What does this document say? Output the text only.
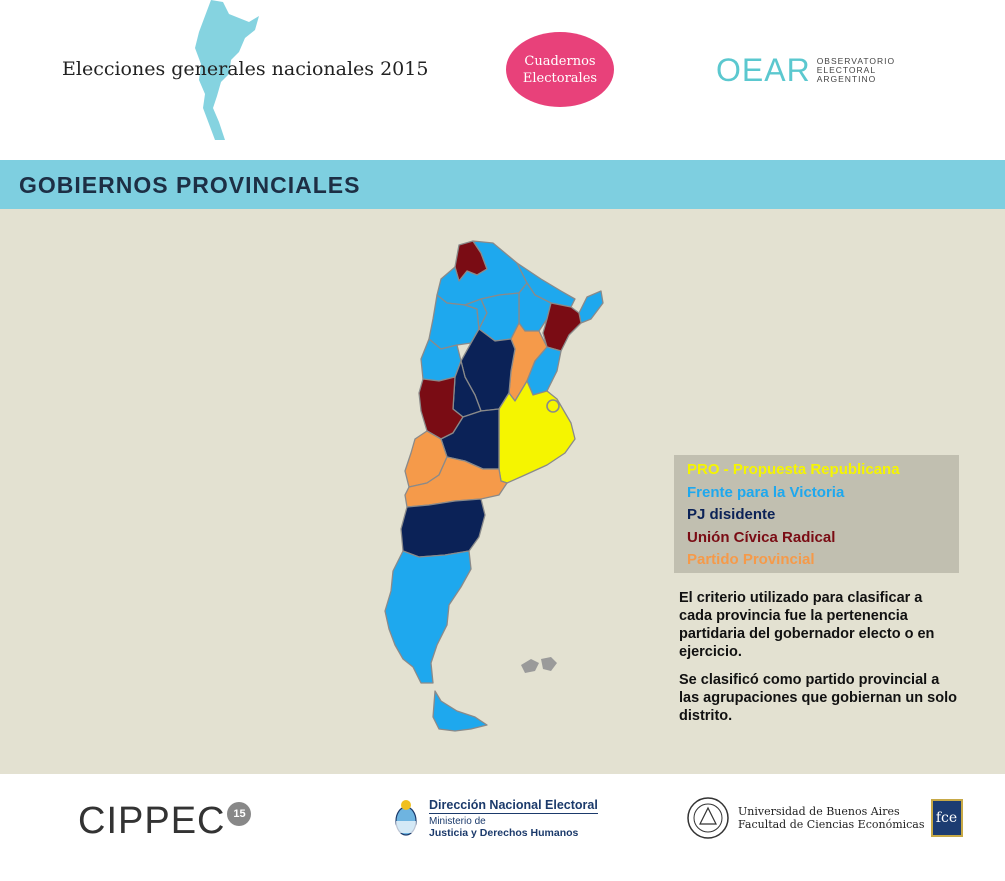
Elecciones generales nacionales 2015	Cuadernos
Electorales	OEAR OBSERVATORIO
ELECTORAL
ARGENTINO
GOBIERNOS PROVINCIALES
PRO - Propuesta Republicana
Frente para la Victoria
PJ disidente
Unión Cívica Radical
Partido Provincial

El criterio utilizado para clasificar a cada provincia fue la pertenencia partidaria del gobernador electo o en ejercicio.

Se clasificó como partido provincial a las agrupaciones que gobiernan un solo distrito.

CIPPEC 15
Dirección Nacional Electoral
Ministerio de
Justicia y Derechos Humanos
Universidad de Buenos Aires
Facultad de Ciencias Económicas fce
